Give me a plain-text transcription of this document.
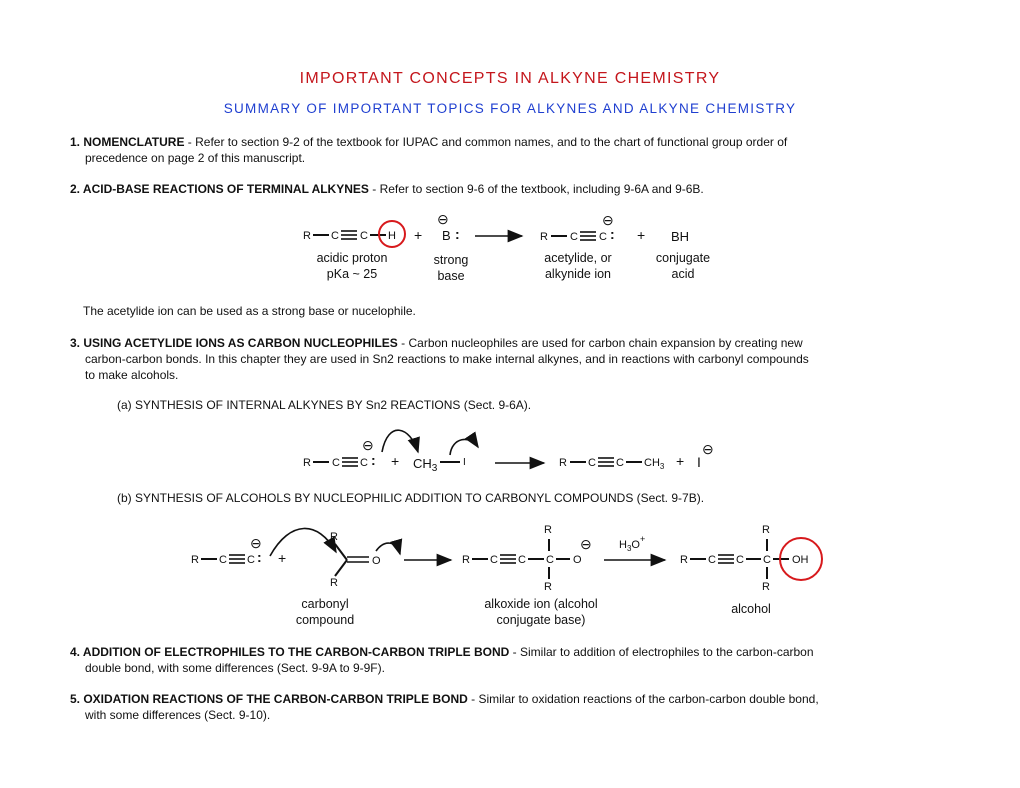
IMPORTANT CONCEPTS IN ALKYNE CHEMISTRY
SUMMARY OF IMPORTANT TOPICS FOR ALKYNES AND ALKYNE CHEMISTRY
1. NOMENCLATURE - Refer to section 9-2 of the textbook for IUPAC and common names, and to the chart of functional group order of
precedence on page 2 of this manuscript.
2. ACID-BASE REACTIONS OF TERMINAL ALKYNES - Refer to section 9-6 of the textbook, including 9-6A and 9-6B.
The acetylide ion can be used as a strong base or nucelophile.
3. USING ACETYLIDE IONS AS CARBON NUCLEOPHILES - Carbon nucleophiles are used for carbon chain expansion by creating new
carbon-carbon bonds. In this chapter they are used in Sn2 reactions to make internal alkynes, and in reactions with carbonyl compounds
to make alcohols.
(a) SYNTHESIS OF INTERNAL ALKYNES BY Sn2 REACTIONS (Sect. 9-6A).
(b) SYNTHESIS OF ALCOHOLS BY NUCLEOPHILIC ADDITION TO CARBONYL COMPOUNDS (Sect. 9-7B).
4. ADDITION OF ELECTROPHILES TO THE CARBON-CARBON TRIPLE BOND - Similar to addition of electrophiles to the carbon-carbon
double bond, with some differences (Sect. 9-9A to 9-9F).
5. OXIDATION REACTIONS OF THE CARBON-CARBON TRIPLE BOND - Similar to oxidation reactions of the carbon-carbon double bond,
with some differences (Sect. 9-10).
R C C H +
⊖
B :	R C C :
⊖
+ BH
acidic proton
pKa ~ 25
strong
base
acetylide, or
alkynide ion
conjugate
acid
R C C :
⊖
+ $CH_3$
I	R C C $CH_3 + I$
⊖
R C C :
⊖
+
R
R
O
carbonyl
compound
R C C C
R
R
O
⊖
alkoxide ion (alcohol
conjugate base)
$H_3O^+$
R C C C
R
R
OH
alcohol
